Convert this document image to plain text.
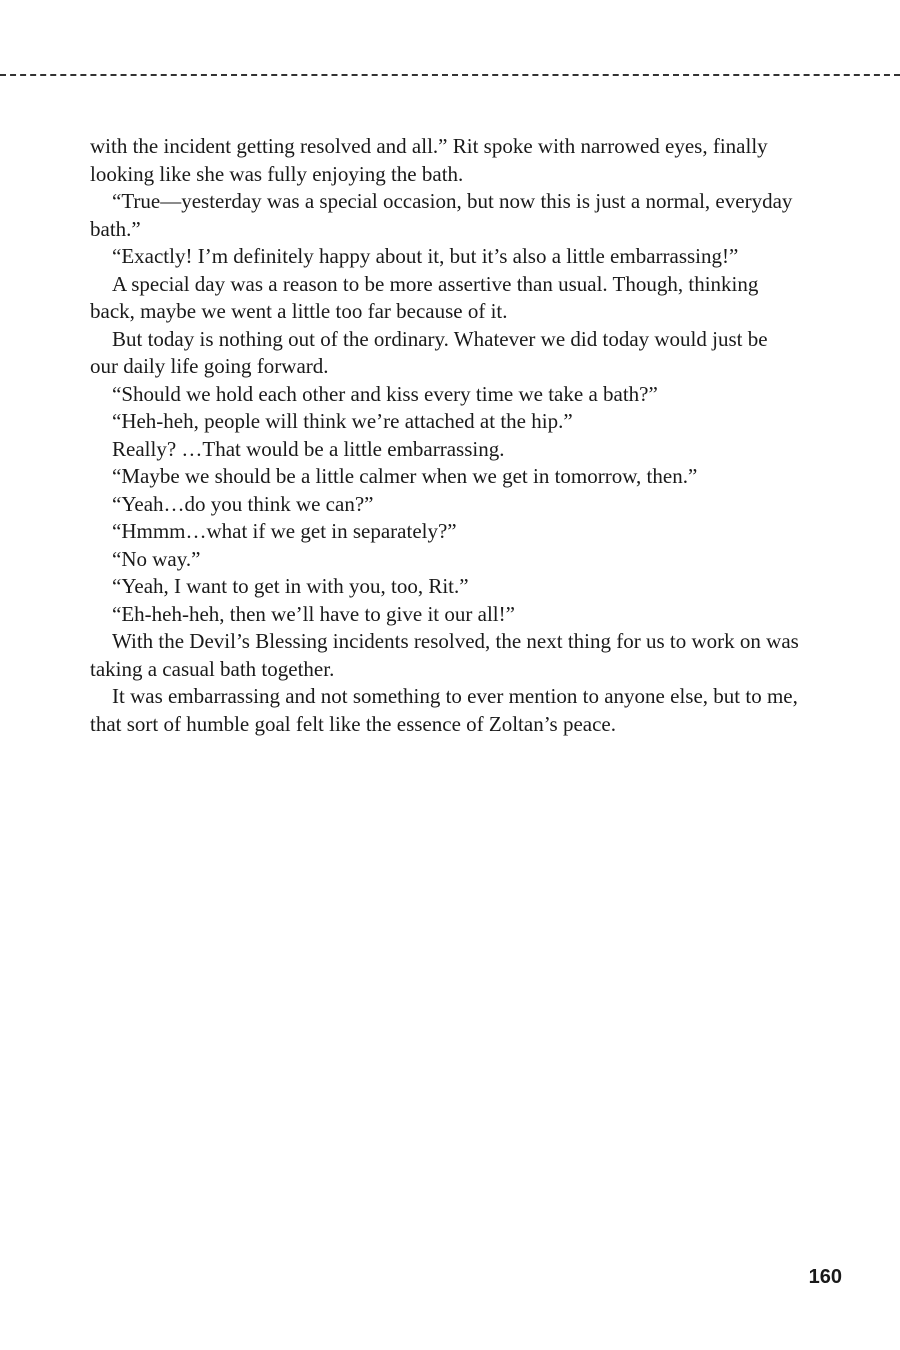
with the incident getting resolved and all.” Rit spoke with narrowed eyes, finally looking like she was fully enjoying the bath.

“True—yesterday was a special occasion, but now this is just a normal, everyday bath.”

“Exactly! I’m definitely happy about it, but it’s also a little embarrassing!”

A special day was a reason to be more assertive than usual. Though, thinking back, maybe we went a little too far because of it.

But today is nothing out of the ordinary. Whatever we did today would just be our daily life going forward.

“Should we hold each other and kiss every time we take a bath?”

“Heh-heh, people will think we’re attached at the hip.”

Really? …That would be a little embarrassing.

“Maybe we should be a little calmer when we get in tomorrow, then.”

“Yeah…do you think we can?”

“Hmmm…what if we get in separately?”

“No way.”

“Yeah, I want to get in with you, too, Rit.”

“Eh-heh-heh, then we’ll have to give it our all!”

With the Devil’s Blessing incidents resolved, the next thing for us to work on was taking a casual bath together.

It was embarrassing and not something to ever mention to anyone else, but to me, that sort of humble goal felt like the essence of Zoltan’s peace.

160
